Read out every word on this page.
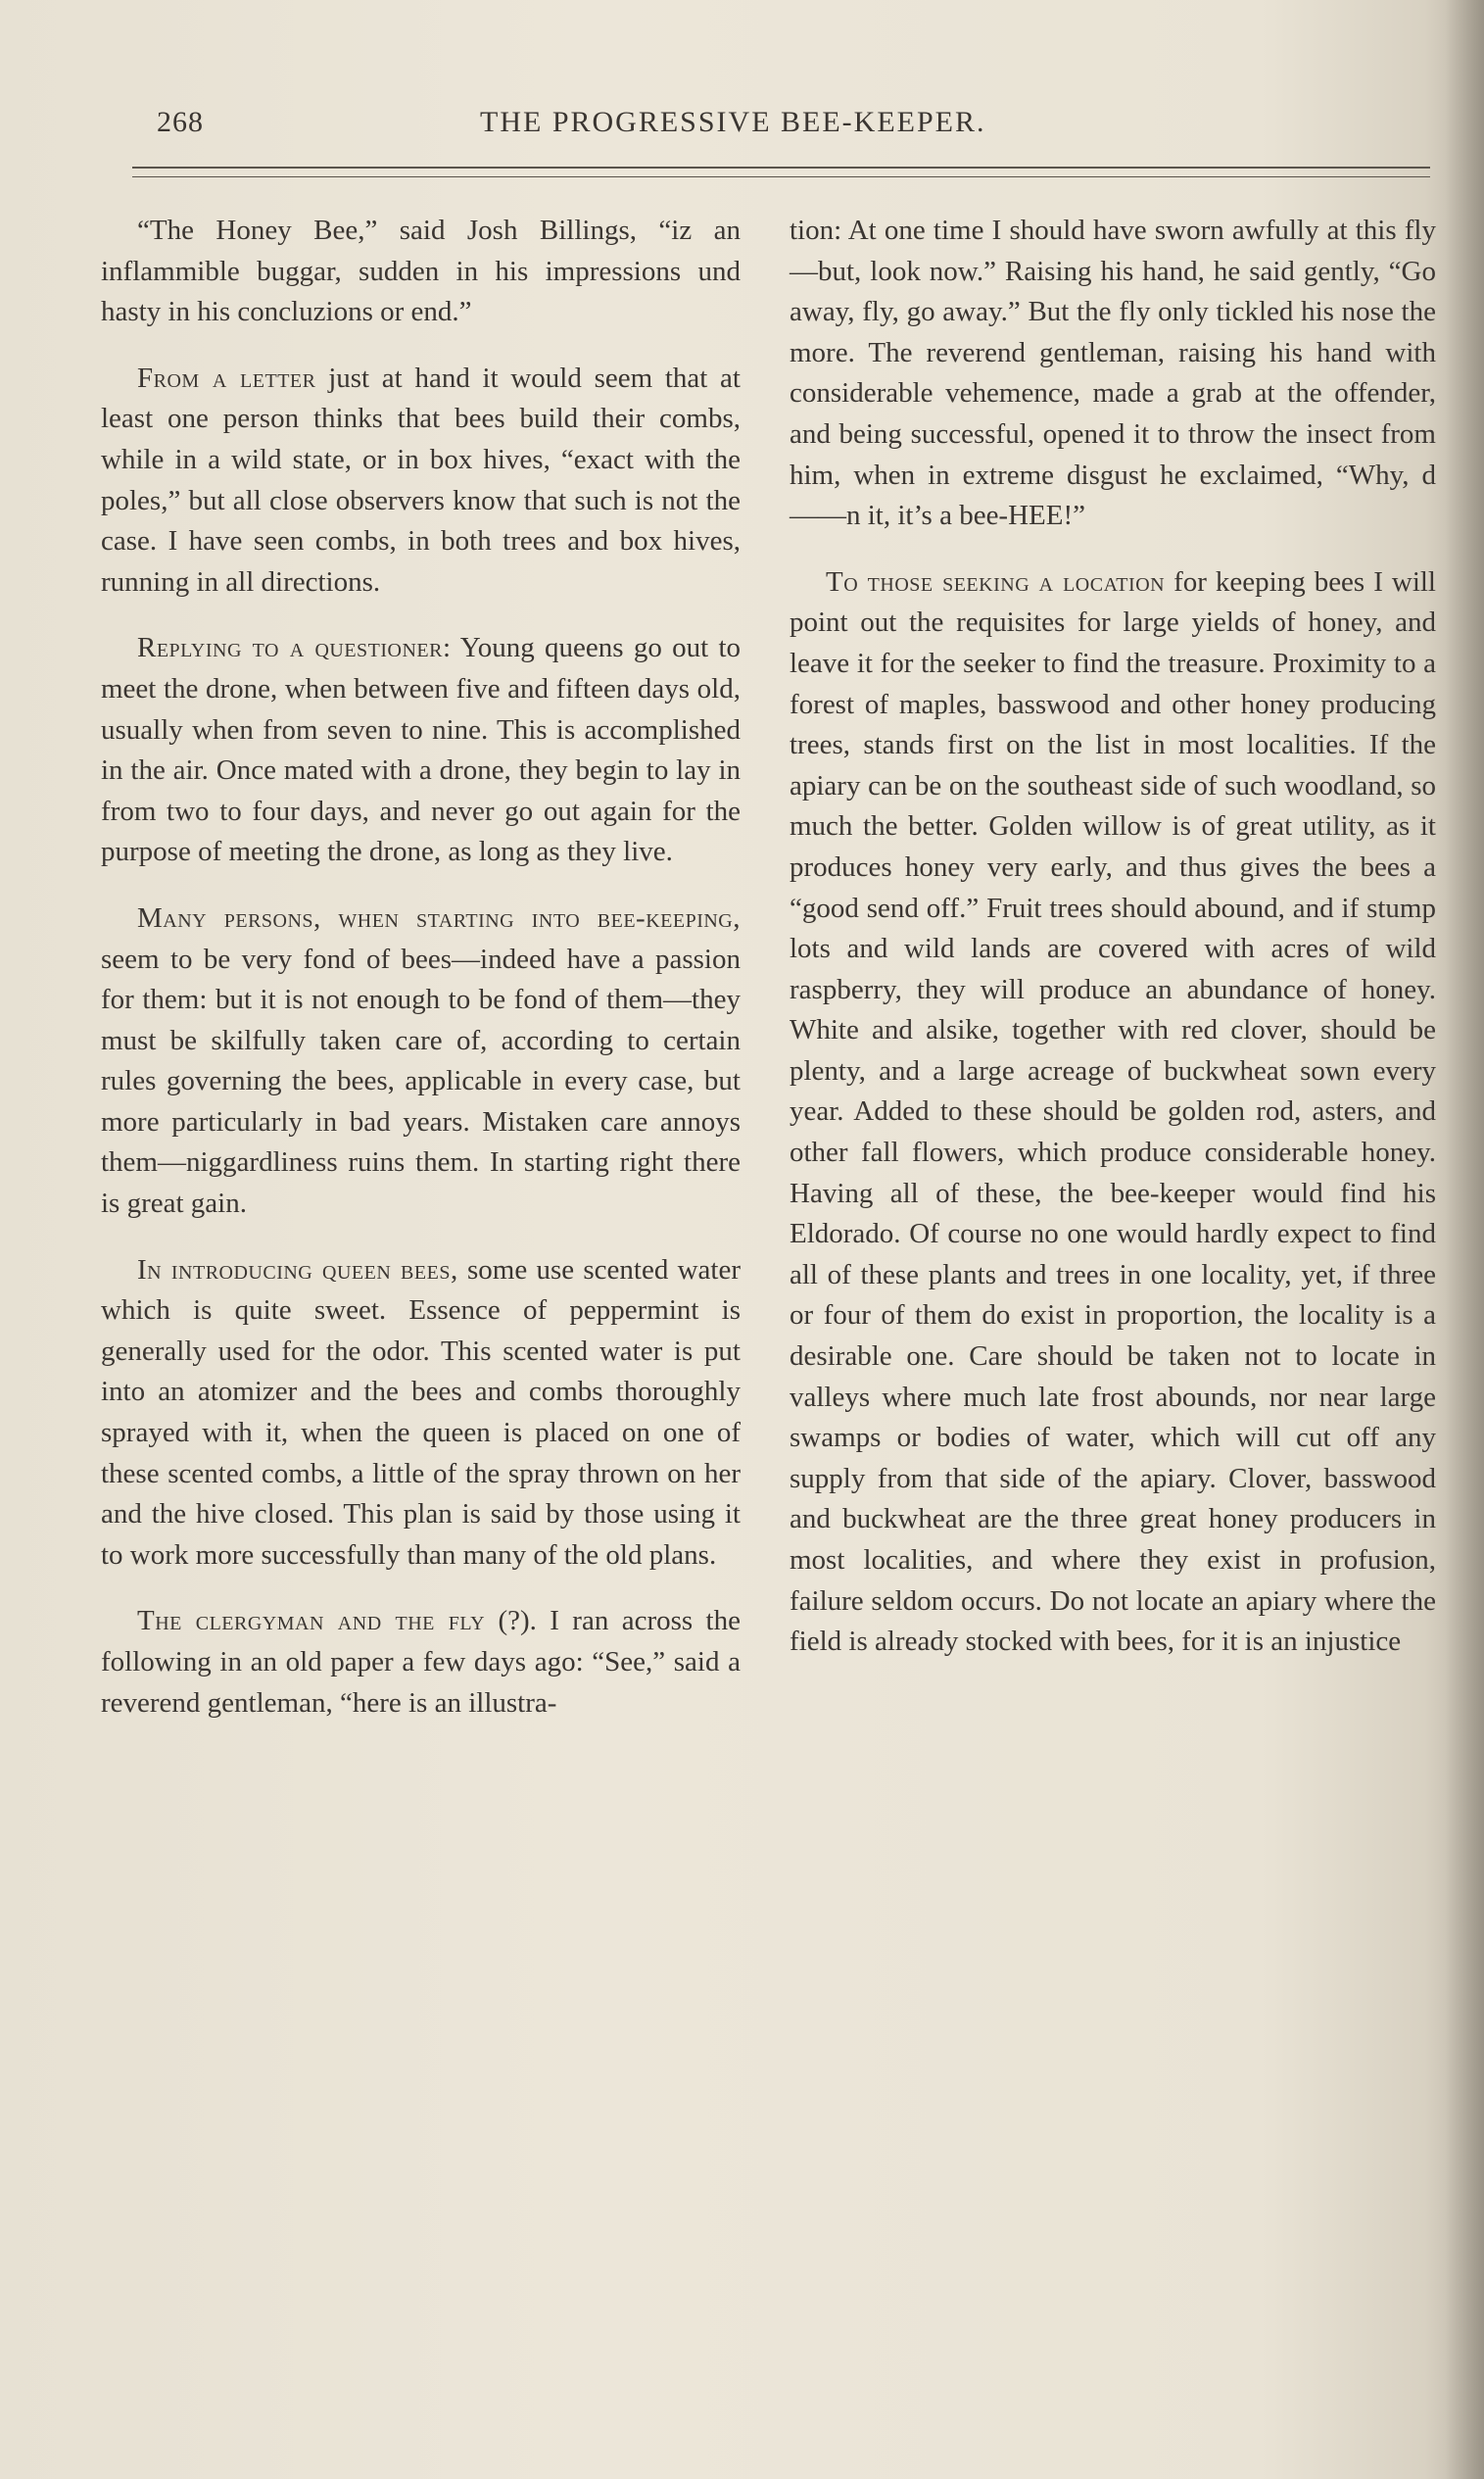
268	THE PROGRESSIVE BEE-KEEPER.

“The Honey Bee,” said Josh Billings, “iz an inflammible buggar, sudden in his impressions und hasty in his concluzions or end.”

From a letter just at hand it would seem that at least one person thinks that bees build their combs, while in a wild state, or in box hives, “exact with the poles,” but all close observers know that such is not the case. I have seen combs, in both trees and box hives, running in all directions.

Replying to a questioner: Young queens go out to meet the drone, when between five and fifteen days old, usually when from seven to nine. This is accomplished in the air. Once mated with a drone, they begin to lay in from two to four days, and never go out again for the purpose of meeting the drone, as long as they live.

Many persons, when starting into bee-keeping, seem to be very fond of bees—indeed have a passion for them: but it is not enough to be fond of them—they must be skilfully taken care of, according to certain rules governing the bees, applicable in every case, but more particularly in bad years. Mistaken care annoys them—niggardliness ruins them. In starting right there is great gain.

In introducing queen bees, some use scented water which is quite sweet. Essence of peppermint is generally used for the odor. This scented water is put into an atomizer and the bees and combs thoroughly sprayed with it, when the queen is placed on one of these scented combs, a little of the spray thrown on her and the hive closed. This plan is said by those using it to work more successfully than many of the old plans.

The clergyman and the fly (?). I ran across the following in an old paper a few days ago: “See,” said a reverend gentleman, “here is an illustra-

tion: At one time I should have sworn awfully at this fly—but, look now.” Raising his hand, he said gently, “Go away, fly, go away.” But the fly only tickled his nose the more. The reverend gentleman, raising his hand with considerable vehemence, made a grab at the offender, and being successful, opened it to throw the insect from him, when in extreme disgust he exclaimed, “Why, d——n it, it’s a bee-HEE!”

To those seeking a location for keeping bees I will point out the requisites for large yields of honey, and leave it for the seeker to find the treasure. Proximity to a forest of maples, basswood and other honey producing trees, stands first on the list in most localities. If the apiary can be on the southeast side of such woodland, so much the better. Golden willow is of great utility, as it produces honey very early, and thus gives the bees a “good send off.” Fruit trees should abound, and if stump lots and wild lands are covered with acres of wild raspberry, they will produce an abundance of honey. White and alsike, together with red clover, should be plenty, and a large acreage of buckwheat sown every year. Added to these should be golden rod, asters, and other fall flowers, which produce considerable honey. Having all of these, the bee-keeper would find his Eldorado. Of course no one would hardly expect to find all of these plants and trees in one locality, yet, if three or four of them do exist in proportion, the locality is a desirable one. Care should be taken not to locate in valleys where much late frost abounds, nor near large swamps or bodies of water, which will cut off any supply from that side of the apiary. Clover, basswood and buckwheat are the three great honey producers in most localities, and where they exist in profusion, failure seldom occurs. Do not locate an apiary where the field is already stocked with bees, for it is an injustice
